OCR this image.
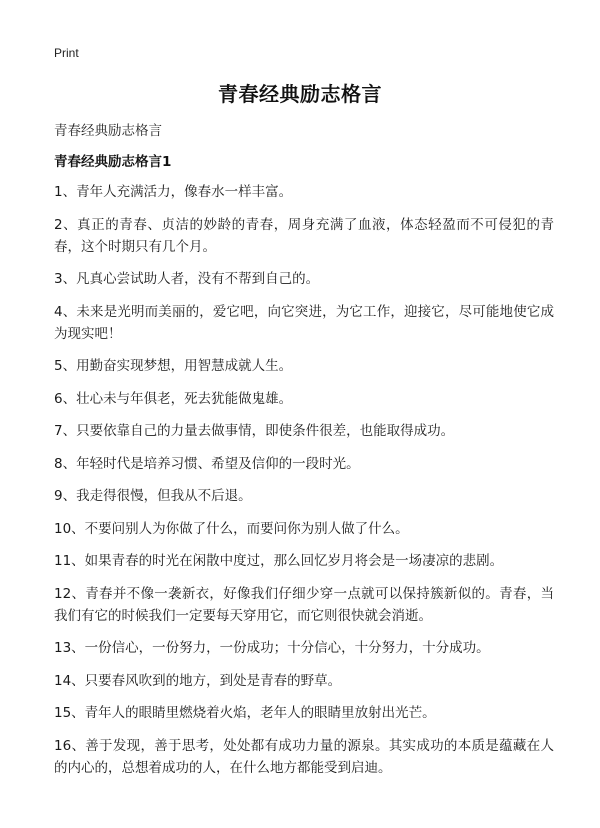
Print
青春经典励志格言

青春经典励志格言

青春经典励志格言1
1、青年人充满活力，像春水一样丰富。
2、真正的青春、贞洁的妙龄的青春，周身充满了血液，体态轻盈而不可侵犯的青春，这个时期只有几个月。
3、凡真心尝试助人者，没有不帮到自己的。
4、未来是光明而美丽的，爱它吧，向它突进，为它工作，迎接它，尽可能地使它成为现实吧！
5、用勤奋实现梦想，用智慧成就人生。
6、壮心未与年俱老，死去犹能做鬼雄。
7、只要依靠自己的力量去做事情，即使条件很差，也能取得成功。
8、年轻时代是培养习惯、希望及信仰的一段时光。
9、我走得很慢，但我从不后退。
10、不要问别人为你做了什么，而要问你为别人做了什么。
11、如果青春的时光在闲散中度过，那么回忆岁月将会是一场凄凉的悲剧。
12、青春并不像一袭新衣，好像我们仔细少穿一点就可以保持簇新似的。青春，当我们有它的时候我们一定要每天穿用它，而它则很快就会消逝。
13、一份信心，一份努力，一份成功；十分信心，十分努力，十分成功。
14、只要春风吹到的地方，到处是青春的野草。
15、青年人的眼睛里燃烧着火焰，老年人的眼睛里放射出光芒。
16、善于发现，善于思考，处处都有成功力量的源泉。其实成功的本质是蕴藏在人的内心的，总想着成功的人，在什么地方都能受到启迪。
